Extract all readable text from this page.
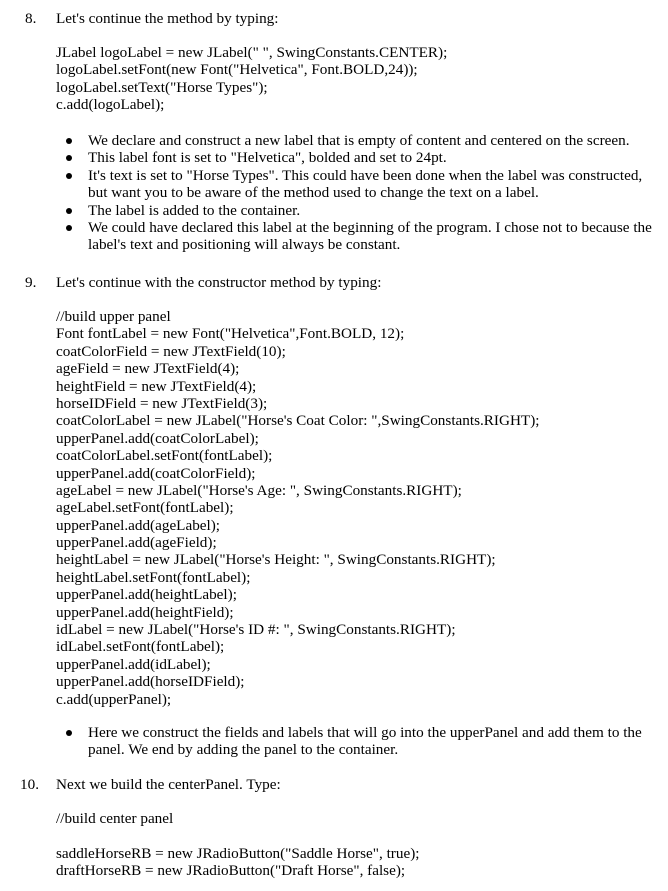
8. Let's continue the method by typing:
JLabel logoLabel = new JLabel(" ", SwingConstants.CENTER);
logoLabel.setFont(new Font("Helvetica", Font.BOLD,24));
logoLabel.setText("Horse Types");
c.add(logoLabel);
We declare and construct a new label that is empty of content and centered on the screen.
This label font is set to "Helvetica", bolded and set to 24pt.
It's text is set to "Horse Types". This could have been done when the label was constructed, but want you to be aware of the method used to change the text on a label.
The label is added to the container.
We could have declared this label at the beginning of the program. I chose not to because the label's text and positioning will always be constant.
9. Let's continue with the constructor method by typing:
//build upper panel
Font fontLabel = new Font("Helvetica",Font.BOLD, 12);
coatColorField = new JTextField(10);
ageField = new JTextField(4);
heightField = new JTextField(4);
horseIDField = new JTextField(3);
coatColorLabel = new JLabel("Horse's Coat Color: ",SwingConstants.RIGHT);
upperPanel.add(coatColorLabel);
coatColorLabel.setFont(fontLabel);
upperPanel.add(coatColorField);
ageLabel = new JLabel("Horse's Age: ", SwingConstants.RIGHT);
ageLabel.setFont(fontLabel);
upperPanel.add(ageLabel);
upperPanel.add(ageField);
heightLabel = new JLabel("Horse's Height: ", SwingConstants.RIGHT);
heightLabel.setFont(fontLabel);
upperPanel.add(heightLabel);
upperPanel.add(heightField);
idLabel = new JLabel("Horse's ID #: ", SwingConstants.RIGHT);
idLabel.setFont(fontLabel);
upperPanel.add(idLabel);
upperPanel.add(horseIDField);
c.add(upperPanel);
Here we construct the fields and labels that will go into the upperPanel and add them to the panel. We end by adding the panel to the container.
10. Next we build the centerPanel. Type:
//build center panel
saddleHorseRB = new JRadioButton("Saddle Horse", true);
draftHorseRB = new JRadioButton("Draft Horse", false);
